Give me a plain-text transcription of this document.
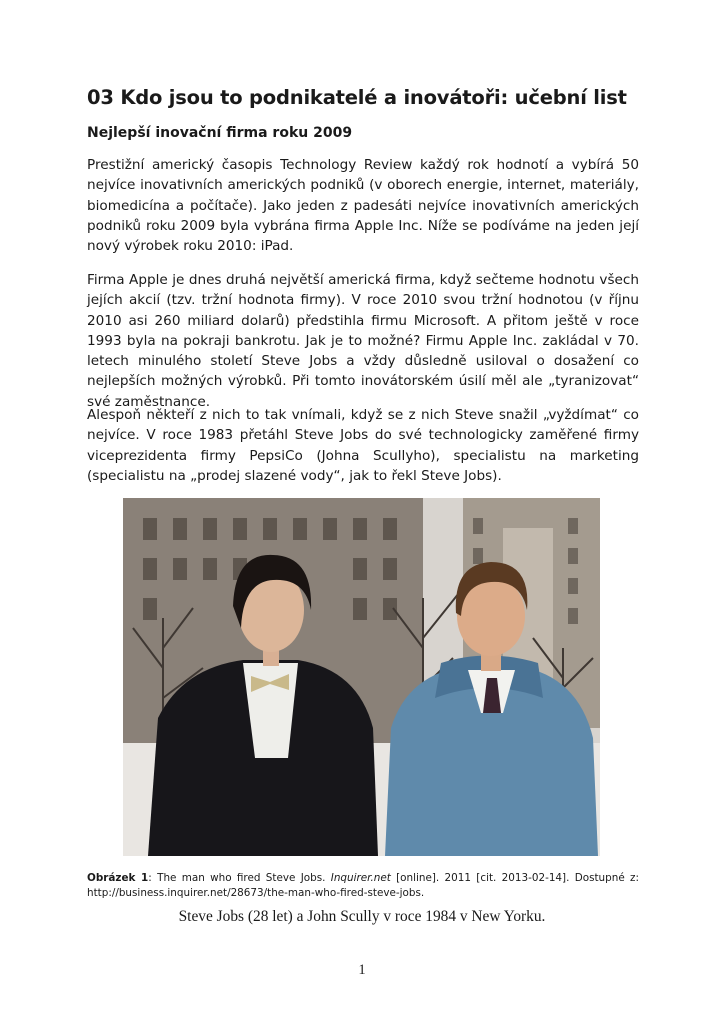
03 Kdo jsou to podnikatelé a inovátoři: učební list
Nejlepší inovační firma roku 2009

Prestižní americký časopis Technology Review každý rok hodnotí a vybírá 50 nejvíce inovativních amerických podniků (v oborech energie, internet, materiály, biomedicína a počítače). Jako jeden z padesáti nejvíce inovativních amerických podniků roku 2009 byla vybrána firma Apple Inc. Níže se podíváme na jeden její nový výrobek roku 2010: iPad.

Firma Apple je dnes druhá největší americká firma, když sečteme hodnotu všech jejích akcií (tzv. tržní hodnota firmy). V roce 2010 svou tržní hodnotou (v říjnu 2010 asi 260 miliard dolarů) předstihla firmu Microsoft. A přitom ještě v roce 1993 byla na pokraji bankrotu. Jak je to možné? Firmu Apple Inc. zakládal v 70. letech minulého století Steve Jobs a vždy důsledně usiloval o dosažení co nejlepších možných výrobků. Při tomto inovátorském úsilí měl ale „tyranizovat“ své zaměstnance.

Alespoň někteří z nich to tak vnímali, když se z nich Steve snažil „vyždímat“ co nejvíce. V roce 1983 přetáhl Steve Jobs do své technologicky zaměřené firmy viceprezidenta firmy PepsiCo (Johna Scullyho), specialistu na marketing (specialistu na „prodej slazené vody“, jak to řekl Steve Jobs).

Obrázek 1: The man who fired Steve Jobs. Inquirer.net [online]. 2011 [cit. 2013-02-14]. Dostupné z: http://business.inquirer.net/28673/the-man-who-fired-steve-jobs.
Steve Jobs (28 let) a John Scully v roce 1984 v New Yorku.
1
